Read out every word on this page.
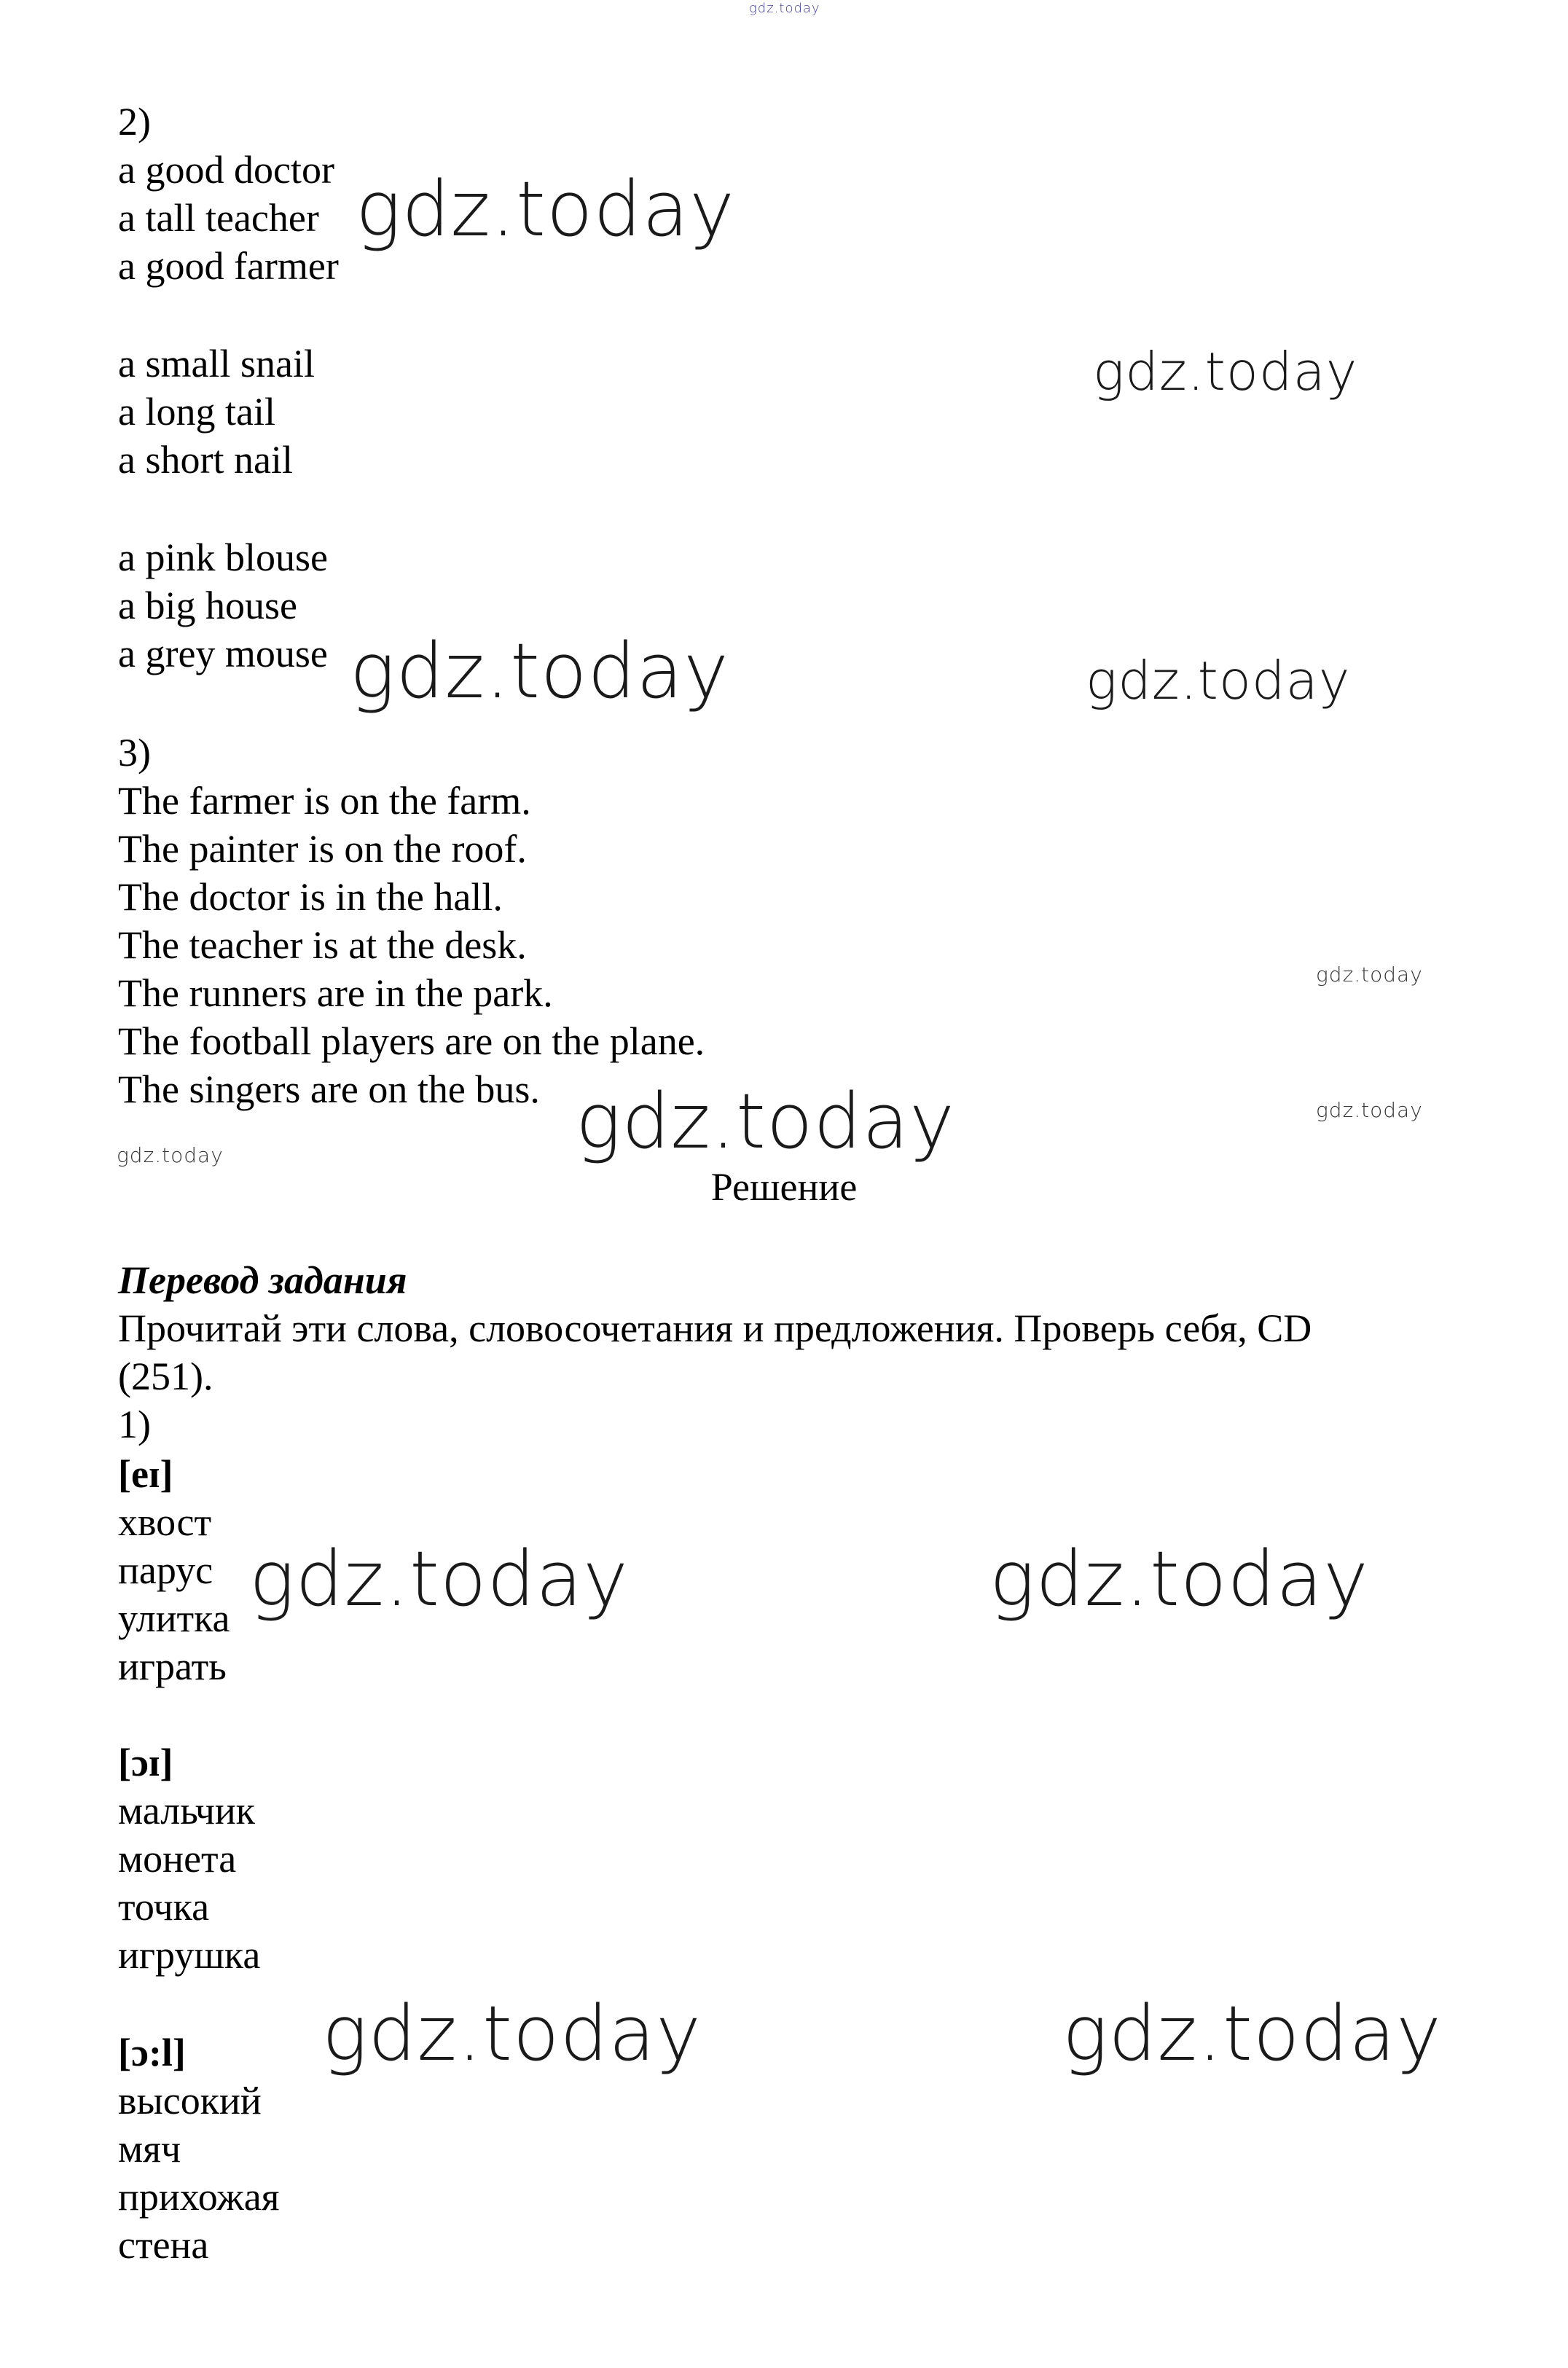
gdz.today
2)
a good doctor
a tall teacher
a good farmer
a small snail
a long tail
a short nail
a pink blouse
a big house
a grey mouse
3)
The farmer is on the farm.
The painter is on the roof.
The doctor is in the hall.
The teacher is at the desk.
The runners are in the park.
The football players are on the plane.
The singers are on the bus.
Решение
Перевод задания
Прочитай эти слова, словосочетания и предложения. Проверь себя, CD
(251).
1)
[eɪ]
хвост
парус
улитка
играть
[ɔɪ]
мальчик
монета
точка
игрушка
[ɔ:l]
высокий
мяч
прихожая
стена
gdz.today
gdz.today
gdz.today	gdz.today
gdz.today
gdz.today
gdz.today
gdz.today
gdz.today	gdz.today
gdz.today	gdz.today
